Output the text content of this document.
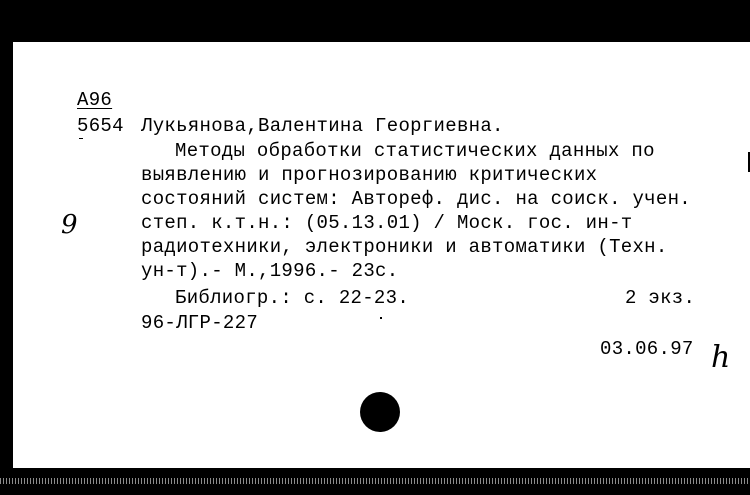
А96
5654 Лукьянова,Валентина Георгиевна.
Методы обработки статистических данных по
выявлению и прогнозированию критических
состояний систем: Автореф. дис. на соиск. учен.
степ. к.т.н.: (05.13.01) / Моск. гос. ин-т
радиотехники, электроники и автоматики (Техн.
ун-т).- М.,1996.- 23с.
Библиогр.: с. 22-23.	2 экз.
96-ЛГР-227
03.06.97
9
h
